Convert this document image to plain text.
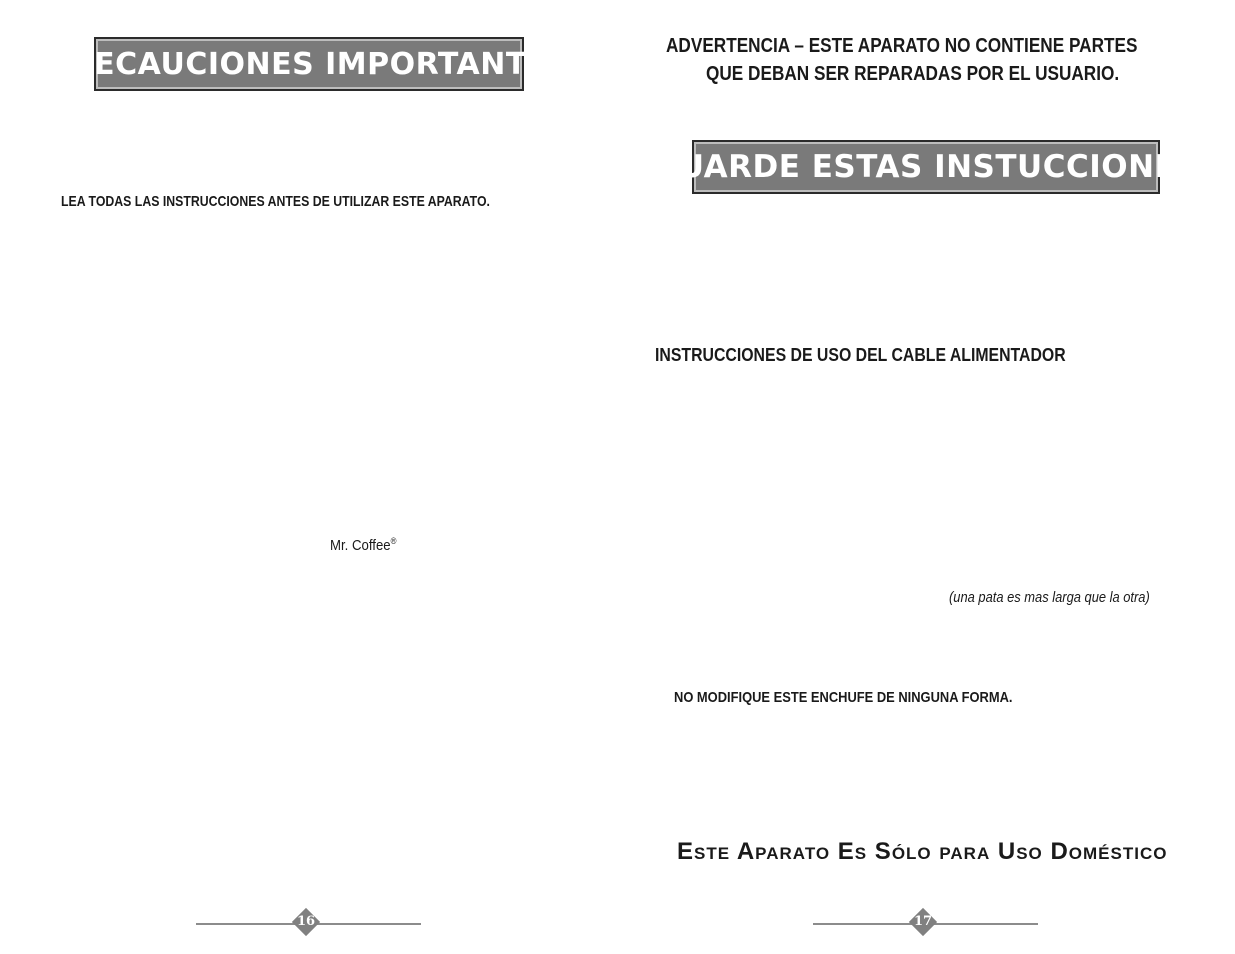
PRECAUCIONES IMPORTANTES
LEA TODAS LAS INSTRUCCIONES ANTES DE UTILIZAR ESTE APARATO.
Mr. Coffee®
16
ADVERTENCIA – ESTE APARATO NO CONTIENE PARTES
QUE DEBAN SER REPARADAS POR EL USUARIO.
GUARDE ESTAS INSTUCCIONES
INSTRUCCIONES DE USO DEL CABLE ALIMENTADOR
(una pata es mas larga que la otra)
NO MODIFIQUE ESTE ENCHUFE DE NINGUNA FORMA.
Este Aparato Es Sólo para Uso Doméstico
17
